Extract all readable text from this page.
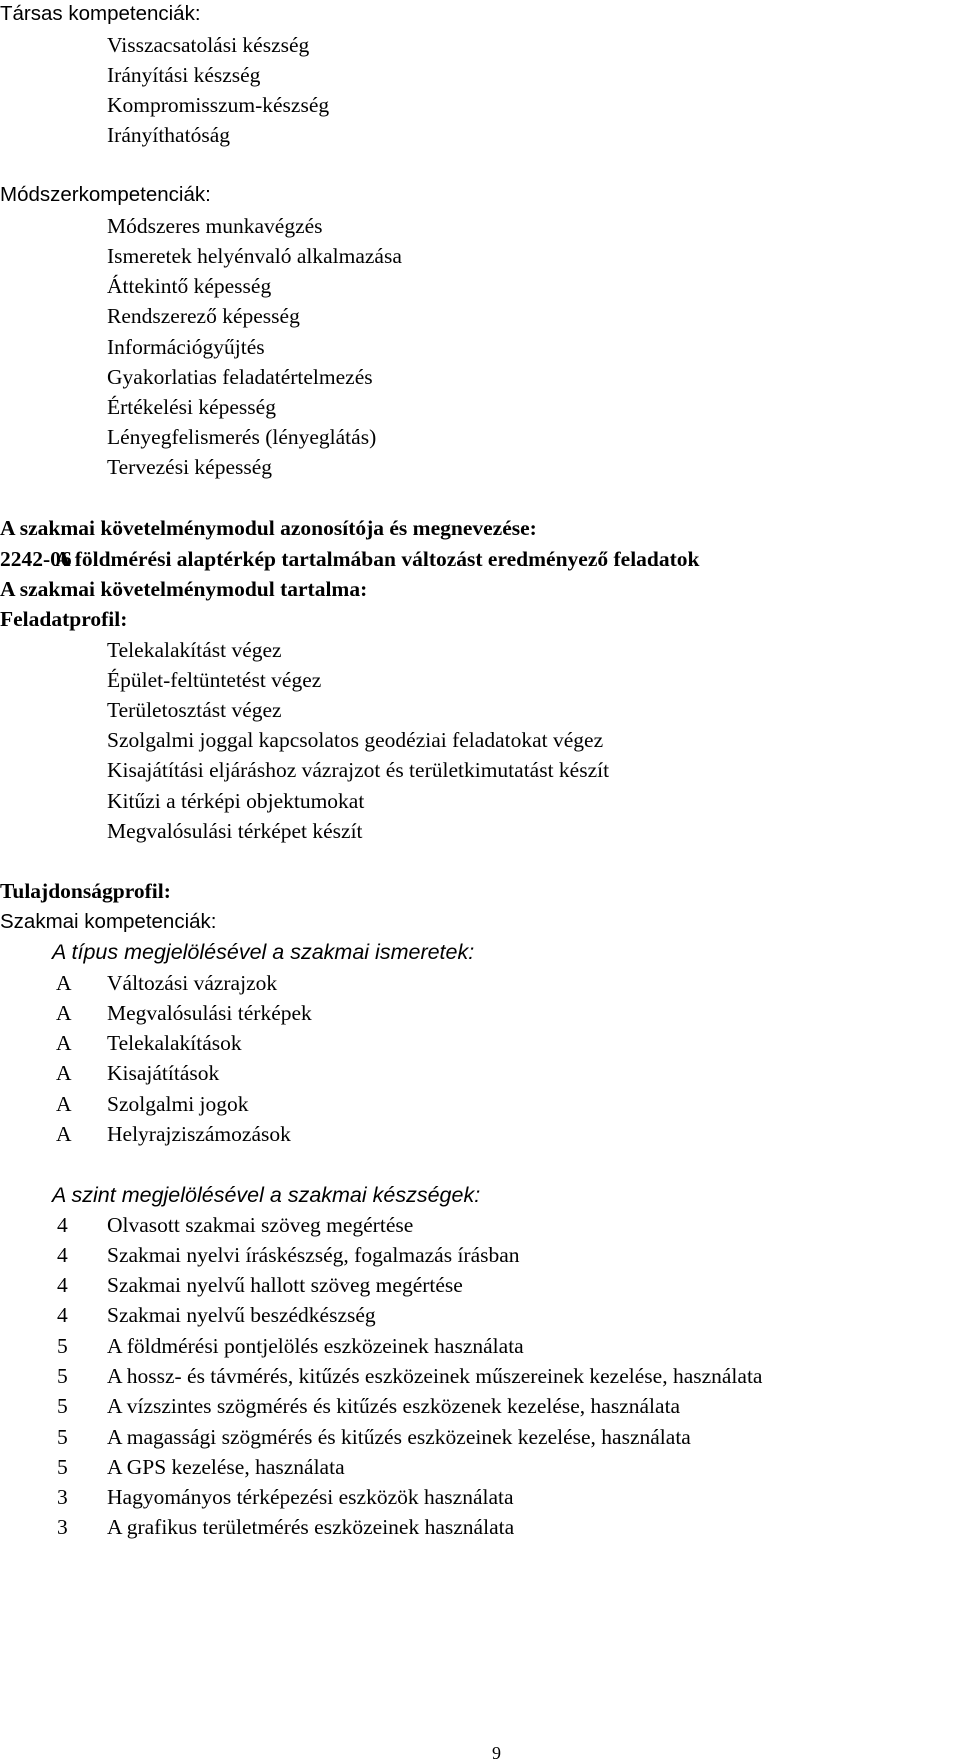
Társas kompetenciák:
Visszacsatolási készség
Irányítási készség
Kompromisszum-készség
Irányíthatóság
Módszerkompetenciák:
Módszeres munkavégzés
Ismeretek helyénvaló alkalmazása
Áttekintő képesség
Rendszerező képesség
Információgyűjtés
Gyakorlatias feladatértelmezés
Értékelési képesség
Lényegfelismerés (lényeglátás)
Tervezési képesség
A szakmai követelménymodul azonosítója és megnevezése:
2242-06A földmérési alaptérkép tartalmában változást eredményező feladatok
A szakmai követelménymodul tartalma:
Feladatprofil:
Telekalakítást végez
Épület-feltüntetést végez
Területosztást végez
Szolgalmi joggal kapcsolatos geodéziai feladatokat végez
Kisajátítási eljáráshoz vázrajzot és területkimutatást készít
Kitűzi a térképi objektumokat
Megvalósulási térképet készít
Tulajdonságprofil:
Szakmai kompetenciák:
A típus megjelölésével a szakmai ismeretek:
A Változási vázrajzok
A Megvalósulási térképek
A Telekalakítások
A Kisajátítások
A Szolgalmi jogok
A Helyrajziszámozások
A szint megjelölésével a szakmai készségek:
4 Olvasott szakmai szöveg megértése
4 Szakmai nyelvi íráskészség, fogalmazás írásban
4 Szakmai nyelvű hallott szöveg megértése
4 Szakmai nyelvű beszédkészség
5 A földmérési pontjelölés eszközeinek használata
5 A hossz- és távmérés, kitűzés eszközeinek műszereinek kezelése, használata
5 A vízszintes szögmérés és kitűzés eszközenek kezelése, használata
5 A magassági szögmérés és kitűzés eszközeinek kezelése, használata
5 A GPS kezelése, használata
3 Hagyományos térképezési eszközök használata
3 A grafikus területmérés eszközeinek használata
9
